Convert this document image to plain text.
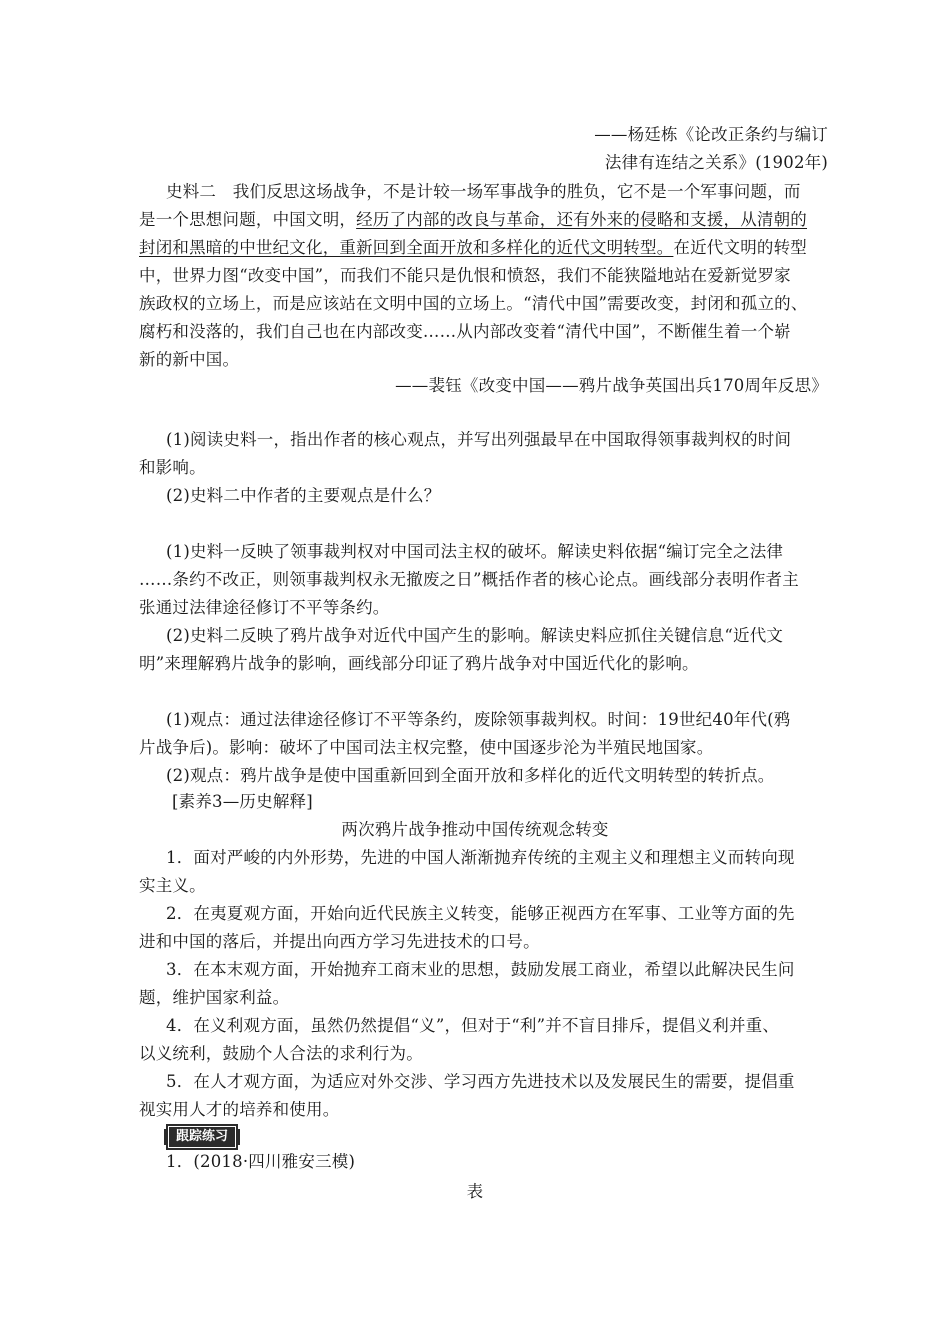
——杨廷栋《论改正条约与编订
法律有连结之关系》(1902年)
史料二　我们反思这场战争，不是计较一场军事战争的胜负，它不是一个军事问题，而
是一个思想问题，中国文明，经历了内部的改良与革命，还有外来的侵略和支援，从清朝的
封闭和黑暗的中世纪文化，重新回到全面开放和多样化的近代文明转型。在近代文明的转型
中，世界力图“改变中国”，而我们不能只是仇恨和愤怒，我们不能狭隘地站在爱新觉罗家
族政权的立场上，而是应该站在文明中国的立场上。“清代中国”需要改变，封闭和孤立的、
腐朽和没落的，我们自己也在内部改变……从内部改变着“清代中国”，不断催生着一个崭
新的新中国。
——裴钰《改变中国——鸦片战争英国出兵170周年反思》
(1)阅读史料一，指出作者的核心观点，并写出列强最早在中国取得领事裁判权的时间
和影响。
(2)史料二中作者的主要观点是什么？
(1)史料一反映了领事裁判权对中国司法主权的破坏。解读史料依据“编订完全之法律
……条约不改正，则领事裁判权永无撤废之日”概括作者的核心论点。画线部分表明作者主
张通过法律途径修订不平等条约。
(2)史料二反映了鸦片战争对近代中国产生的影响。解读史料应抓住关键信息“近代文
明”来理解鸦片战争的影响，画线部分印证了鸦片战争对中国近代化的影响。
(1)观点：通过法律途径修订不平等条约，废除领事裁判权。时间：19世纪40年代(鸦
片战争后)。影响：破坏了中国司法主权完整，使中国逐步沦为半殖民地国家。
(2)观点：鸦片战争是使中国重新回到全面开放和多样化的近代文明转型的转折点。
[素养3—历史解释]
两次鸦片战争推动中国传统观念转变
1．面对严峻的内外形势，先进的中国人渐渐抛弃传统的主观主义和理想主义而转向现
实主义。
2．在夷夏观方面，开始向近代民族主义转变，能够正视西方在军事、工业等方面的先
进和中国的落后，并提出向西方学习先进技术的口号。
3．在本末观方面，开始抛弃工商末业的思想，鼓励发展工商业，希望以此解决民生问
题，维护国家利益。
4．在义利观方面，虽然仍然提倡“义”，但对于“利”并不盲目排斥，提倡义利并重、
以义统利，鼓励个人合法的求利行为。
5．在人才观方面，为适应对外交涉、学习西方先进技术以及发展民生的需要，提倡重
视实用人才的培养和使用。
跟踪练习
1．(2018·四川雅安三模)
表
